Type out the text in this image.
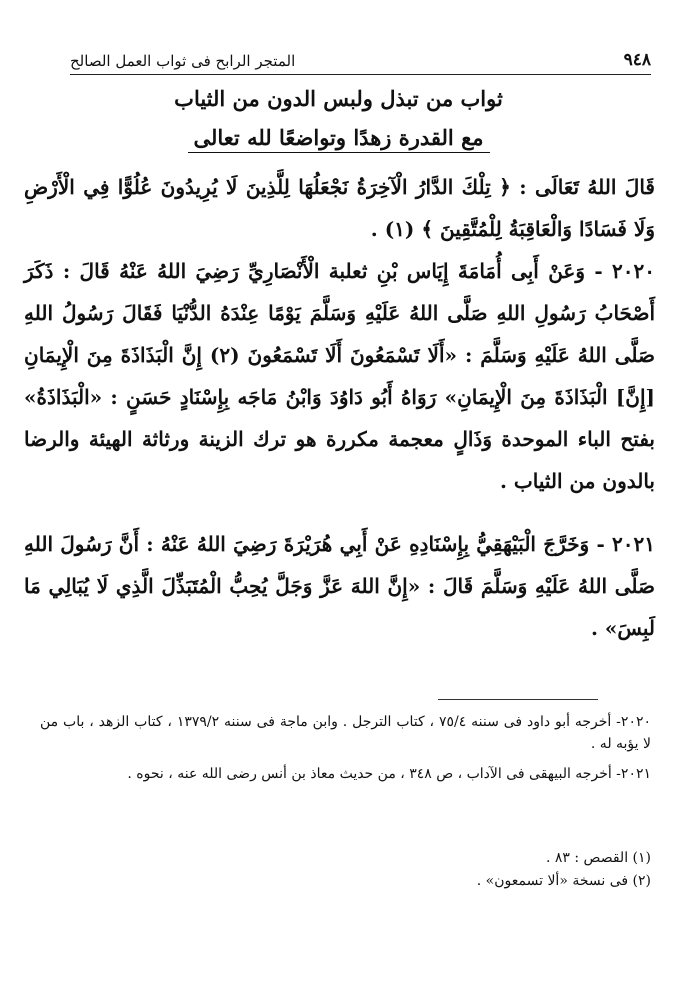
٩٤٨
المتجر الرابح فى ثواب العمل الصالح
ثواب من تبذل ولبس الدون من الثياب
مع القدرة زهدًا وتواضعًا لله تعالى
قَالَ اللهُ تَعَالَى : ﴿ تِلْكَ الدَّارُ الْآخِرَةُ نَجْعَلُهَا لِلَّذِينَ لَا يُرِيدُونَ عُلُوًّا فِي الْأَرْضِ وَلَا فَسَادًا وَالْعَاقِبَةُ لِلْمُتَّقِينَ ﴾ (١) .
٢٠٢٠ - وَعَنْ أَبِى أُمَامَةَ إِيَاس بْنِ ثعلبة الْأَنْصَارِيِّ رَضِيَ اللهُ عَنْهُ قَالَ : ذَكَرَ أَصْحَابُ رَسُولِ اللهِ صَلَّى اللهُ عَلَيْهِ وَسَلَّمَ يَوْمًا عِنْدَهُ الدُّنْيَا فَقَالَ رَسُولُ اللهِ صَلَّى اللهُ عَلَيْهِ وَسَلَّمَ : «أَلَا تَسْمَعُونَ أَلَا تَسْمَعُونَ (٢) إِنَّ الْبَذَاذَةَ مِنَ الْإِيمَانِ [إِنَّ] الْبَذَاذَةَ مِنَ الْإِيمَانِ» رَوَاهُ أَبُو دَاوُدَ وَابْنُ مَاجَه بِإِسْنَادٍ حَسَنٍ : «الْبَذَاذَةُ» بفتح الباء الموحدة وَذَالٍ معجمة مكررة هو ترك الزينة ورثاثة الهيئة والرضا بالدون من الثياب .
٢٠٢١ - وَخَرَّجَ الْبَيْهَقِيُّ بِإِسْنَادِهِ عَنْ أَبِي هُرَيْرَةَ رَضِيَ اللهُ عَنْهُ : أَنَّ رَسُولَ اللهِ صَلَّى اللهُ عَلَيْهِ وَسَلَّمَ قَالَ : «إِنَّ اللهَ عَزَّ وَجَلَّ يُحِبُّ الْمُتَبَذِّلَ الَّذِي لَا يُبَالِي مَا لَبِسَ» .
٢٠٢٠- أخرجه أبو داود فى سننه ٧٥/٤ ، كتاب الترجل . وابن ماجة فى سننه ١٣٧٩/٢ ، كتاب الزهد ، باب من لا يؤبه له .
٢٠٢١- أخرجه البيهقى فى الآداب ، ص ٣٤٨ ، من حديث معاذ بن أنس رضى الله عنه ، نحوه .
(١) القصص : ٨٣ .
(٢) فى نسخة «ألا تسمعون» .
